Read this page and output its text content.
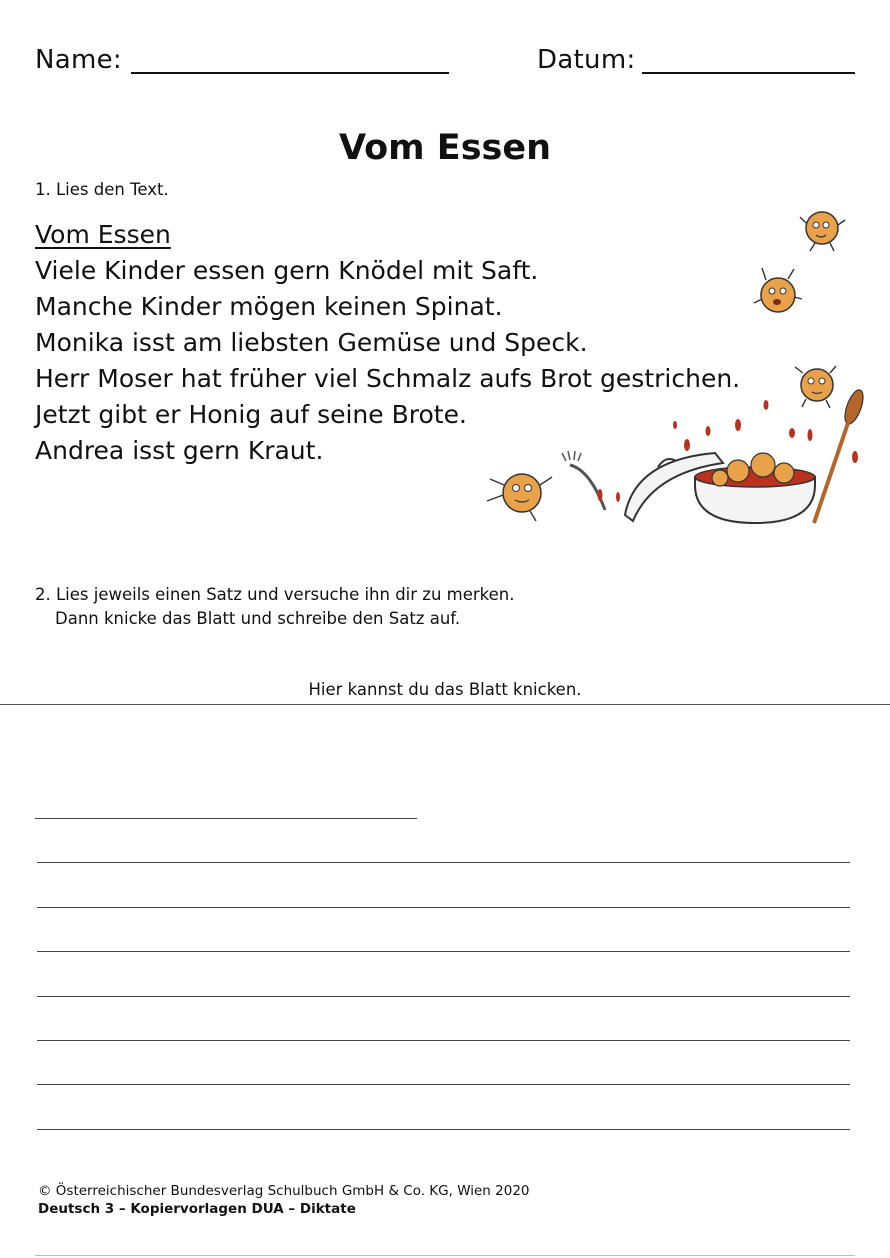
Name:	Datum:
Vom Essen
1. Lies den Text.
Vom Essen
Viele Kinder essen gern Knödel mit Saft.
Manche Kinder mögen keinen Spinat.
Monika isst am liebsten Gemüse und Speck.
Herr Moser hat früher viel Schmalz aufs Brot gestrichen.
Jetzt gibt er Honig auf seine Brote.
Andrea isst gern Kraut.
2. Lies jeweils einen Satz und versuche ihn dir zu merken.
Dann knicke das Blatt und schreibe den Satz auf.
Hier kannst du das Blatt knicken.
© Österreichischer Bundesverlag Schulbuch GmbH & Co. KG, Wien 2020
Deutsch 3 – Kopiervorlagen DUA – Diktate
